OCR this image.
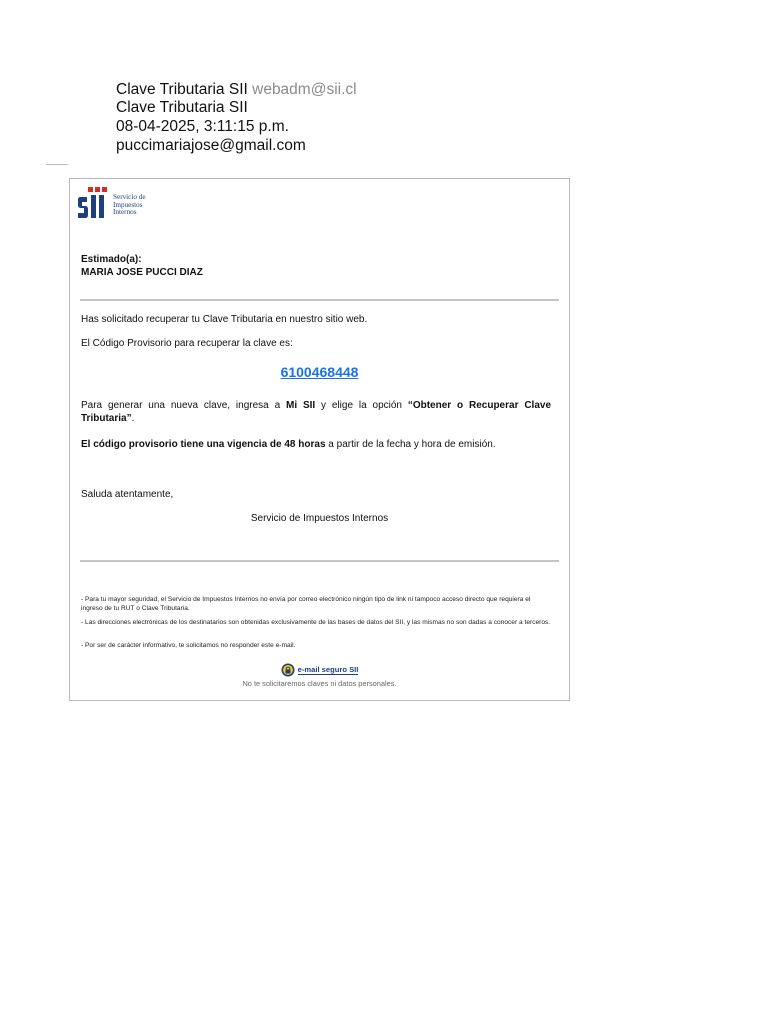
Clave Tributaria SII webadm@sii.cl
Clave Tributaria SII
08-04-2025, 3:11:15 p.m.
puccimariajose@gmail.com
Servicio de
Impuestos
Internos
Estimado(a):
MARIA JOSE PUCCI DIAZ
Has solicitado recuperar tu Clave Tributaria en nuestro sitio web.
El Código Provisorio para recuperar la clave es:
6100468448
Para generar una nueva clave, ingresa a Mi SII y elige la opción “Obtener o Recuperar Clave Tributaria”.
El código provisorio tiene una vigencia de 48 horas a partir de la fecha y hora de emisión.
Saluda atentamente,
Servicio de Impuestos Internos
- Para tu mayor seguridad, el Servicio de Impuestos Internos no envía por correo electrónico ningún tipo de link ni tampoco acceso directo que requiera el ingreso de tu RUT o Clave Tributaria.
- Las direcciones electrónicas de los destinatarios son obtenidas exclusivamente de las bases de datos del SII, y las mismas no son dadas a conocer a terceros.
- Por ser de carácter informativo, te solicitamos no responder este e-mail.
e-mail seguro SII
No te solicitaremos claves ni datos personales.
